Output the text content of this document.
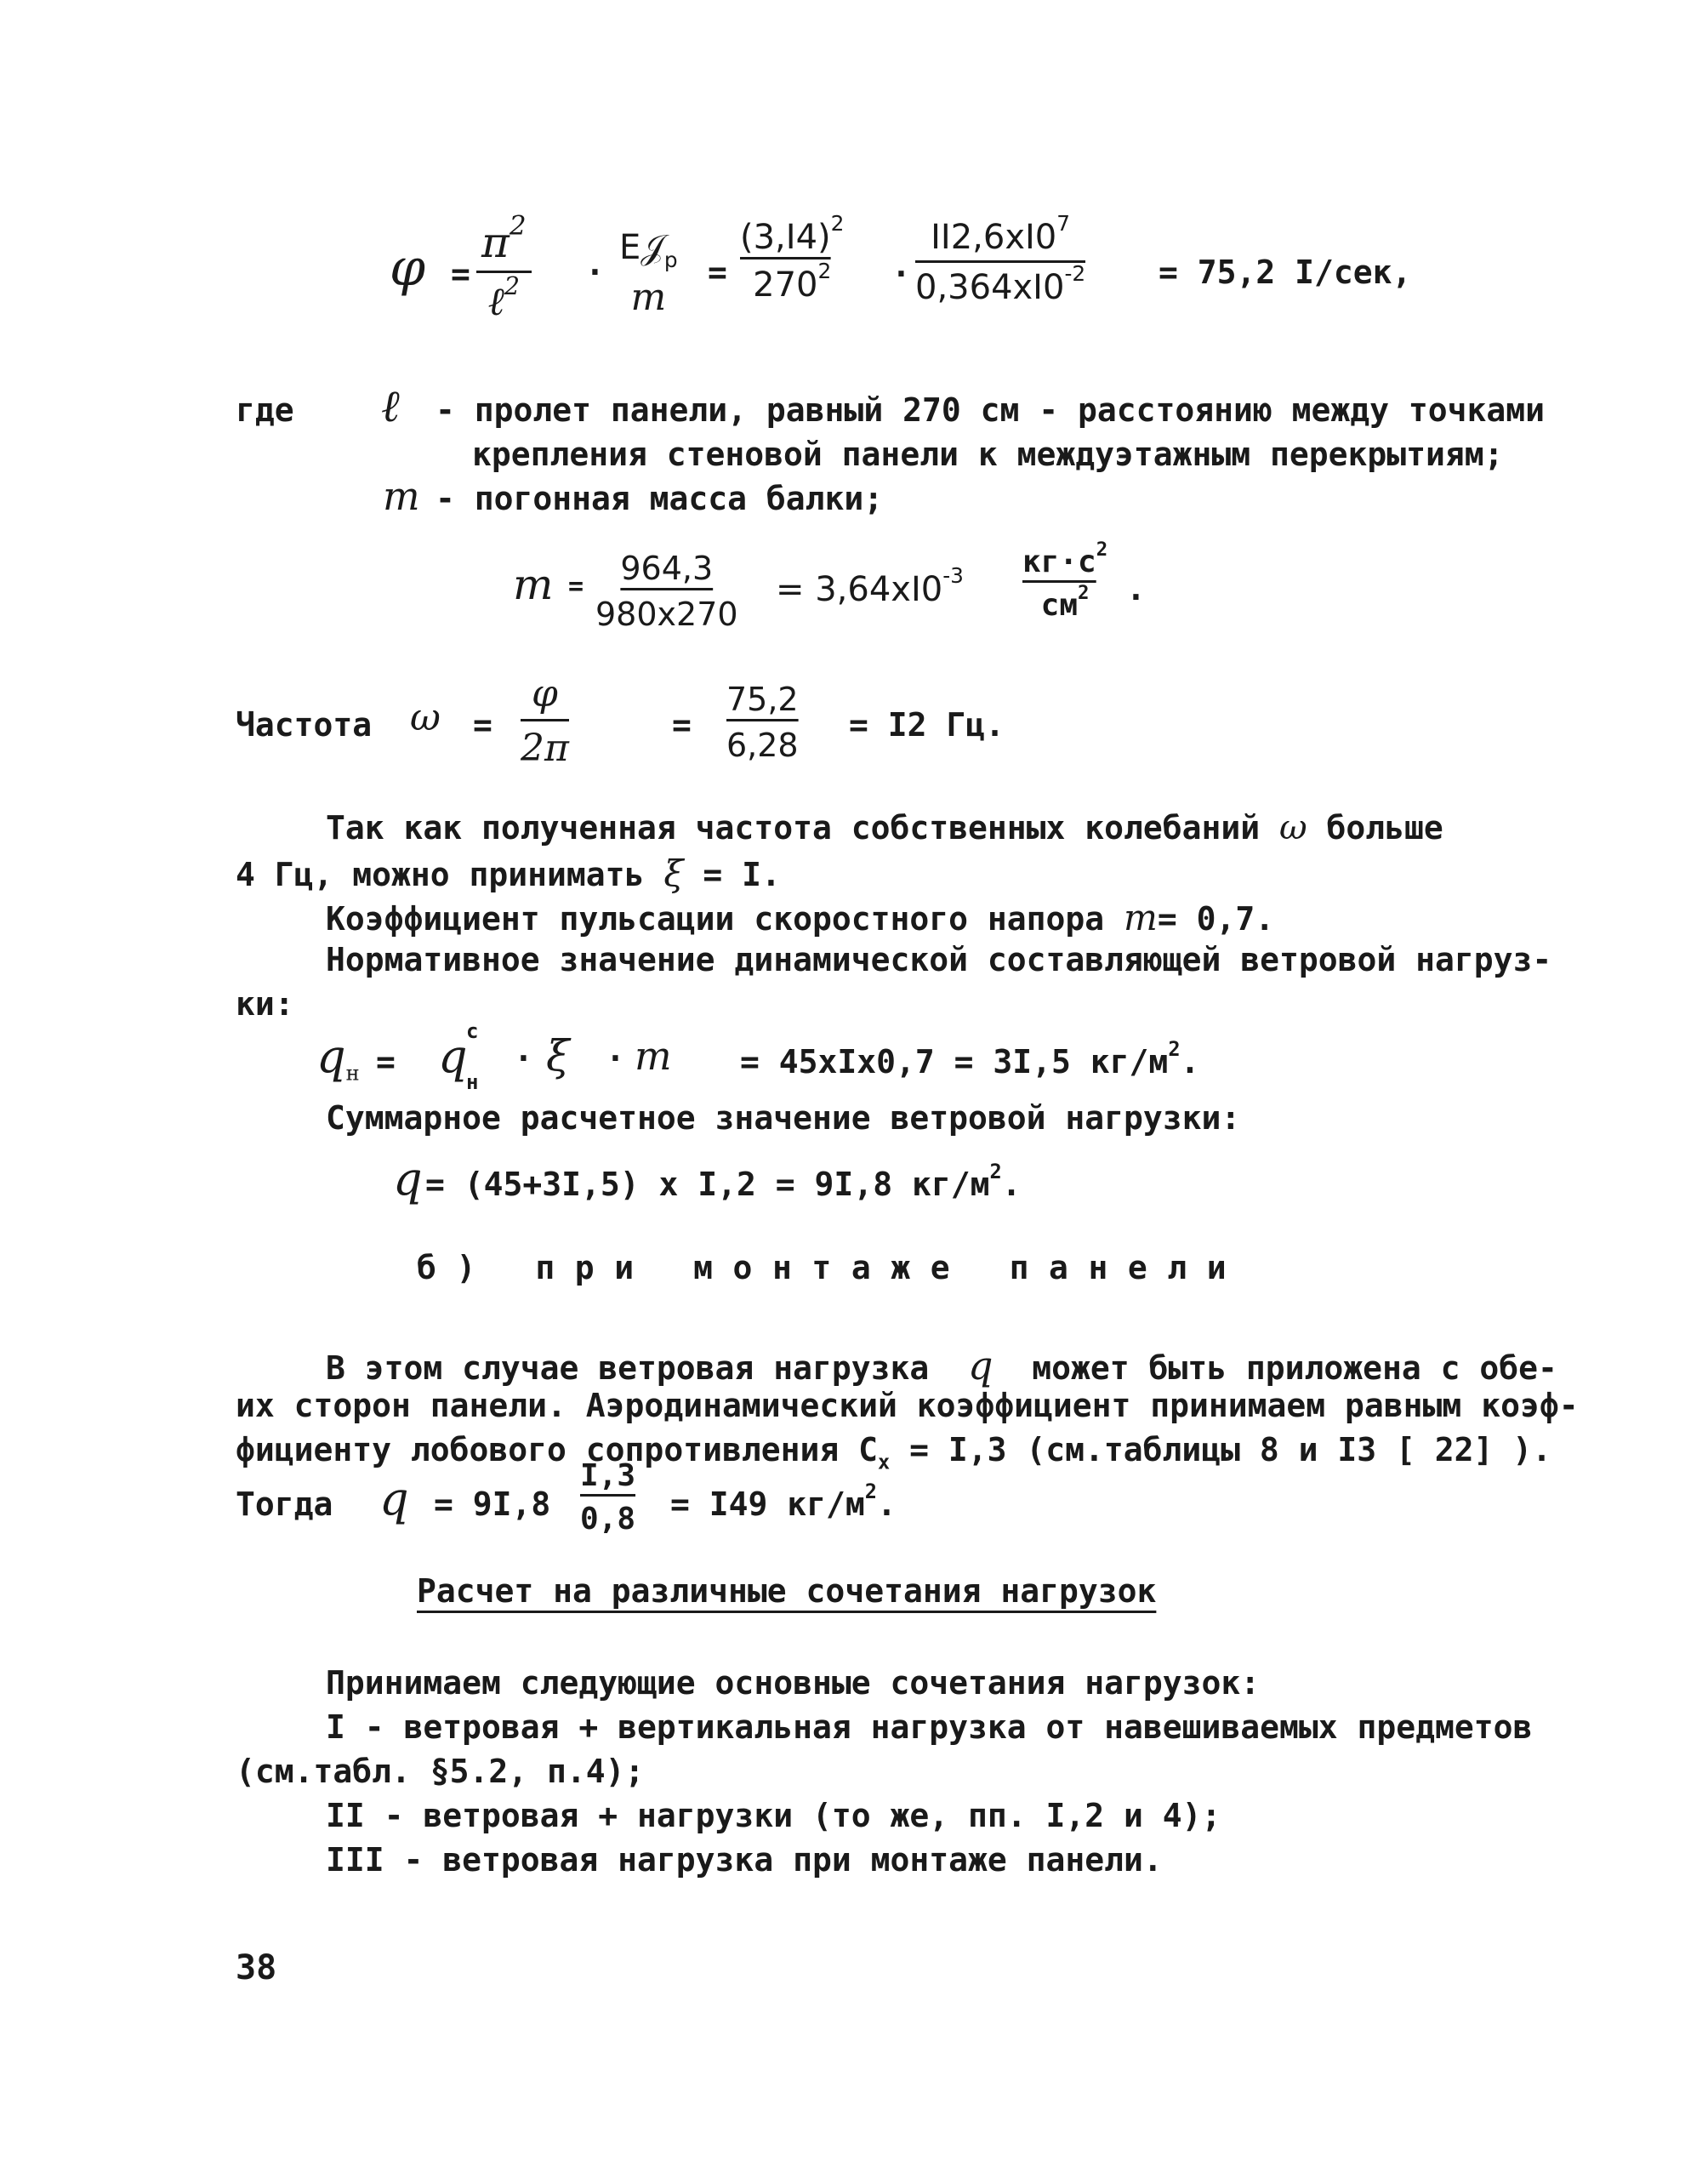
φ =
$\pi^2$
ℓ$^2$ ·
E𝒥$_р$
m
=
$(3,I4)^2$
$270^2$ ·
$II2,6xI0^7$
$0,364xI0^{-2} = 75,2$ I/сек,
где ℓ - пролет панели, равный 270 см - расстоянию между точками
крепления стеновой панели к междуэтажным перекрытиям;
m - погонная масса балки;
m = 964,3
980x270
= $3,64xI0^{-3}$ $кг\cdot с^2$
$см^2$ .
Частота ω =
φ
2π
=
75,2
6,28
= I2 Гц.
Так как полученная частота собственных колебаний ω больше
4 Гц, можно принимать ξ = I.
Коэффициент пульсации скоростного напора m= 0,7.
Нормативное значение динамической составляющей ветровой нагруз-
ки:
$q_н = q$
с
н
· ξ · m = 45xIx0,7 = 3I,5 $кг/м^2$.
Суммарное расчетное значение ветровой нагрузки:
q = (45+3I,5) x I,2 = 9I,8 $кг/м^2$.
б) при монтаже панели
В этом случае ветровая нагрузка q может быть приложена с обе-
их сторон панели. Аэродинамический коэффициент принимаем равным коэф-
фициенту лобового сопротивления $C_x = I,3$ (см.таблицы 8 и I3 [ 22] ).
Тогда q = 9I,8
I,3
0,8 = I49 $кг/м^2$.
Расчет на различные сочетания нагрузок
Принимаем следующие основные сочетания нагрузок:
I - ветровая + вертикальная нагрузка от навешиваемых предметов
(см.табл. §5.2, п.4);
II - ветровая + нагрузки (то же, пп. I,2 и 4);
III - ветровая нагрузка при монтаже панели.
38
